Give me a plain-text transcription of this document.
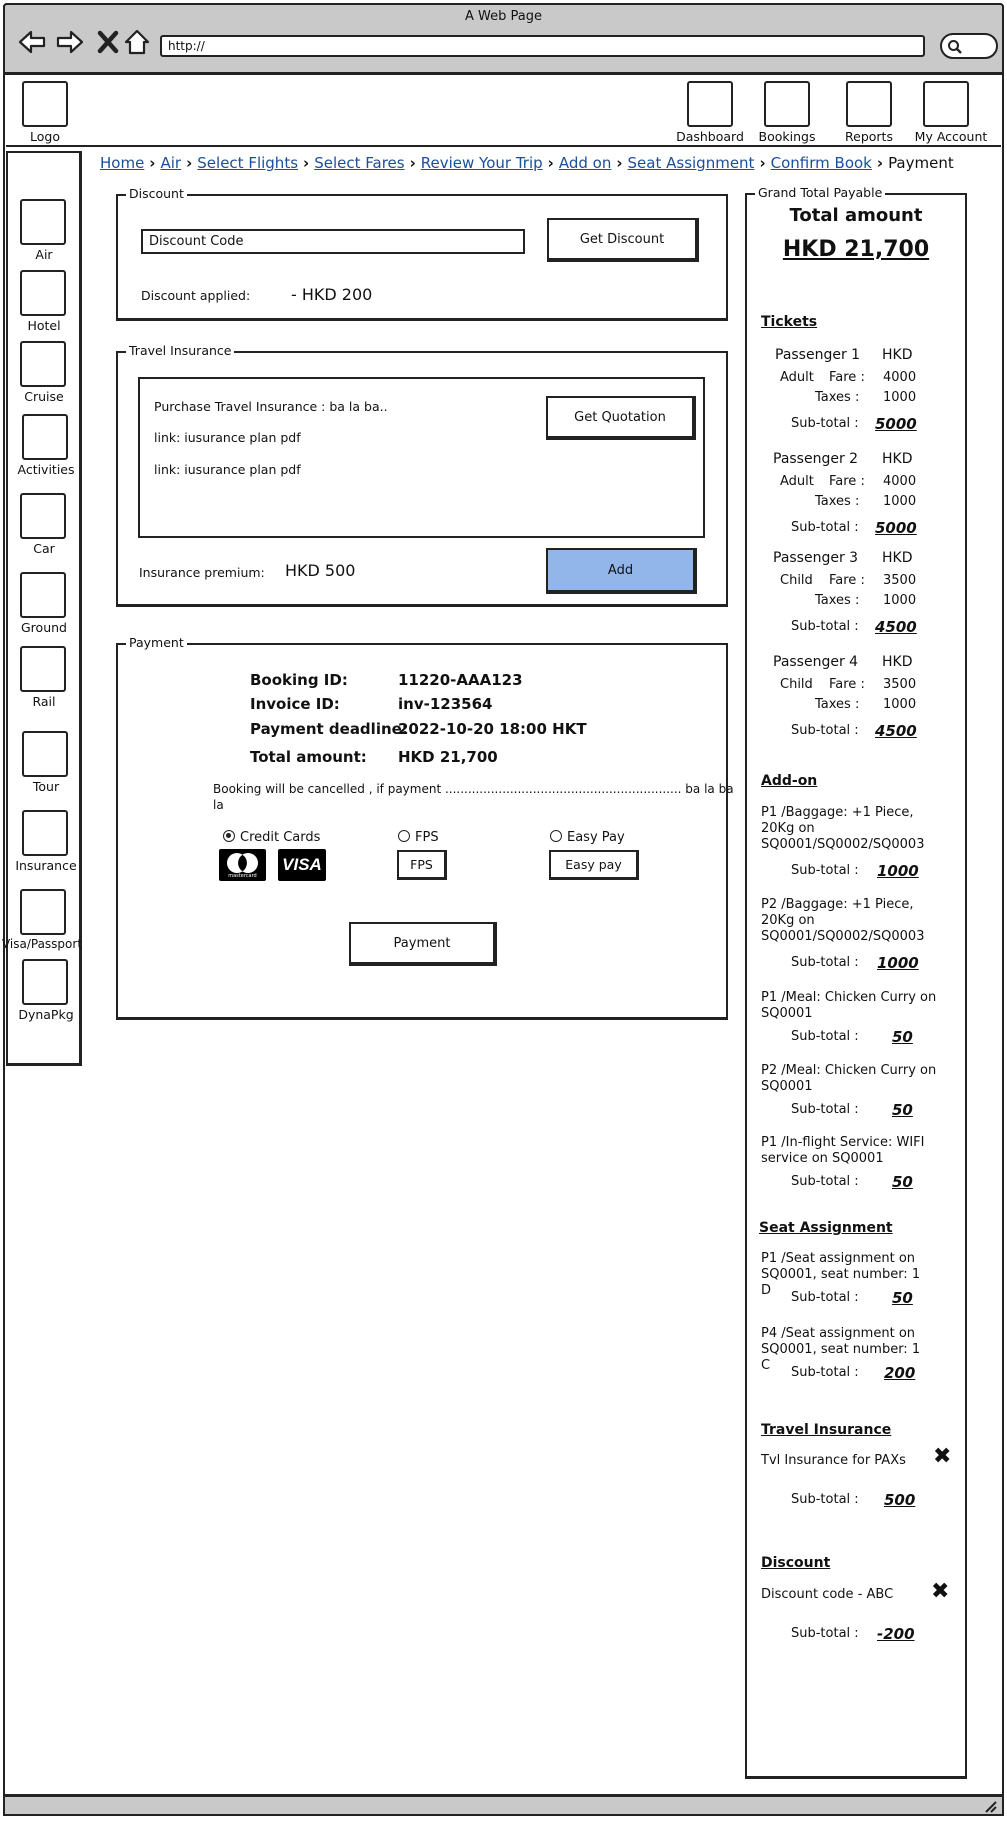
A Web Page
http://
Logo	Dashboard	Bookings	Reports	My Account
Air
Hotel
Cruise
Activities
Car
Ground
Rail
Tour
Insurance
Visa/Passport
DynaPkg
Home › Air › Select Flights › Select Fares › Review Your Trip › Add on › Seat Assignment › Confirm Book › Payment
Discount
Discount Code	Get Discount
Discount applied:	- HKD 200
Travel Insurance
Purchase Travel Insurance : ba la ba..
link: iusurance plan pdf
link: iusurance plan pdf
Get Quotation
Insurance premium: HKD 500	Add
Payment
Booking ID:	11220-AAA123
Invoice ID:	inv-123564
Payment deadline:
2022-10-20 18:00 HKT
Total amount: HKD 21,700
Booking will be cancelled , if payment .............................................................. ba la ba
la
Credit Cards	FPS	Easy Pay
mastercard
VISA	FPS	Easy pay
Payment
Grand Total Payable
Total amount
HKD 21,700
Tickets
Passenger 1 HKD
Adult Fare : 4000
Taxes : 1000
Sub-total : 5000
Passenger 2 HKD
Adult Fare : 4000
Taxes : 1000
Sub-total : 5000
Passenger 3 HKD
Child Fare : 3500
Taxes : 1000
Sub-total : 4500
Passenger 4 HKD
Child Fare : 3500
Taxes : 1000
Sub-total : 4500
Add-on
P1 /Baggage: +1 Piece, 20Kg on SQ0001/SQ0002/SQ0003
Sub-total : 1000
P2 /Baggage: +1 Piece, 20Kg on SQ0001/SQ0002/SQ0003
Sub-total : 1000
P1 /Meal: Chicken Curry on SQ0001
Sub-total : 50
P2 /Meal: Chicken Curry on SQ0001
Sub-total : 50
P1 /In-flight Service: WIFI service on SQ0001
Sub-total : 50
Seat Assignment
P1 /Seat assignment on SQ0001, seat number: 1 D	Sub-total : 50
P4 /Seat assignment on SQ0001, seat number: 1 C	Sub-total : 200
Travel Insurance
Tvl Insurance for PAXs ✖
Sub-total : 500
Discount
Discount code - ABC ✖
Sub-total : -200
